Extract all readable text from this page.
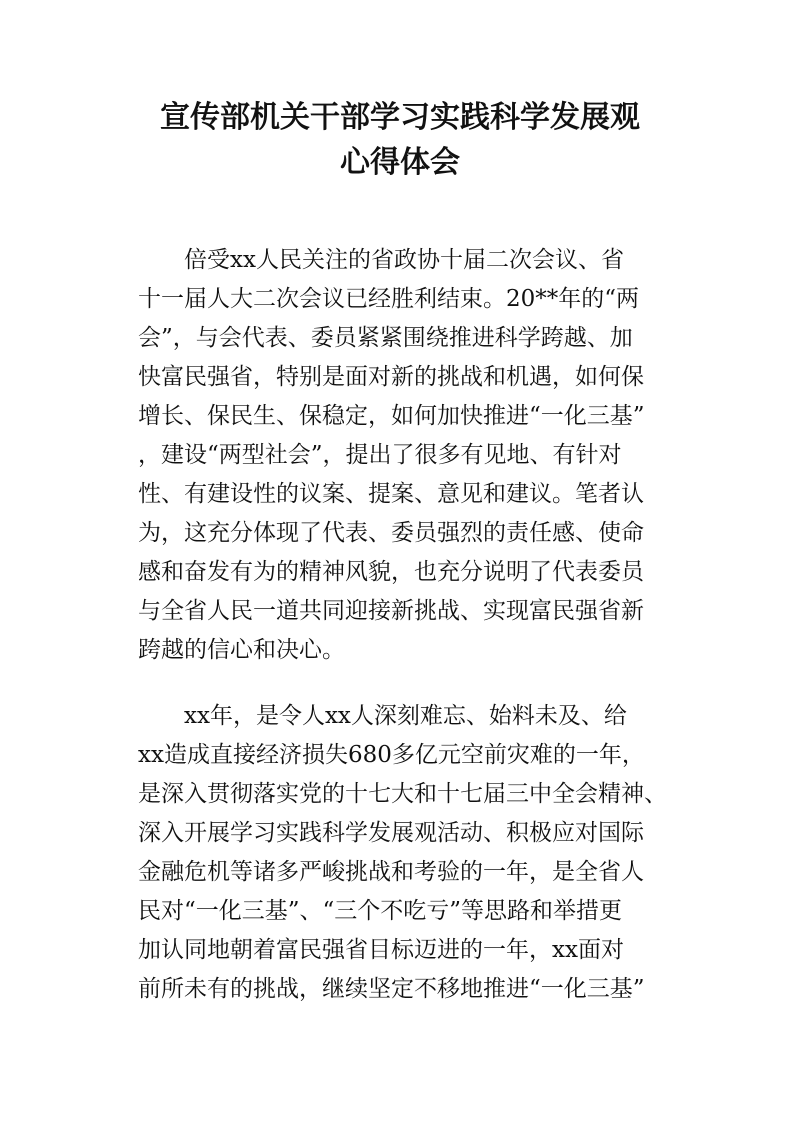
宣传部机关干部学习实践科学发展观
心得体会
倍受xx人民关注的省政协十届二次会议、省
十一届人大二次会议已经胜利结束。20**年的“两
会”，与会代表、委员紧紧围绕推进科学跨越、加
快富民强省，特别是面对新的挑战和机遇，如何保
增长、保民生、保稳定，如何加快推进“一化三基”
，建设“两型社会”，提出了很多有见地、有针对
性、有建设性的议案、提案、意见和建议。笔者认
为，这充分体现了代表、委员强烈的责任感、使命
感和奋发有为的精神风貌，也充分说明了代表委员
与全省人民一道共同迎接新挑战、实现富民强省新
跨越的信心和决心。
xx年，是令人xx人深刻难忘、始料未及、给
xx造成直接经济损失680多亿元空前灾难的一年，
是深入贯彻落实党的十七大和十七届三中全会精神、
深入开展学习实践科学发展观活动、积极应对国际
金融危机等诸多严峻挑战和考验的一年，是全省人
民对“一化三基”、“三个不吃亏”等思路和举措更
加认同地朝着富民强省目标迈进的一年，xx面对
前所未有的挑战，继续坚定不移地推进“一化三基”
